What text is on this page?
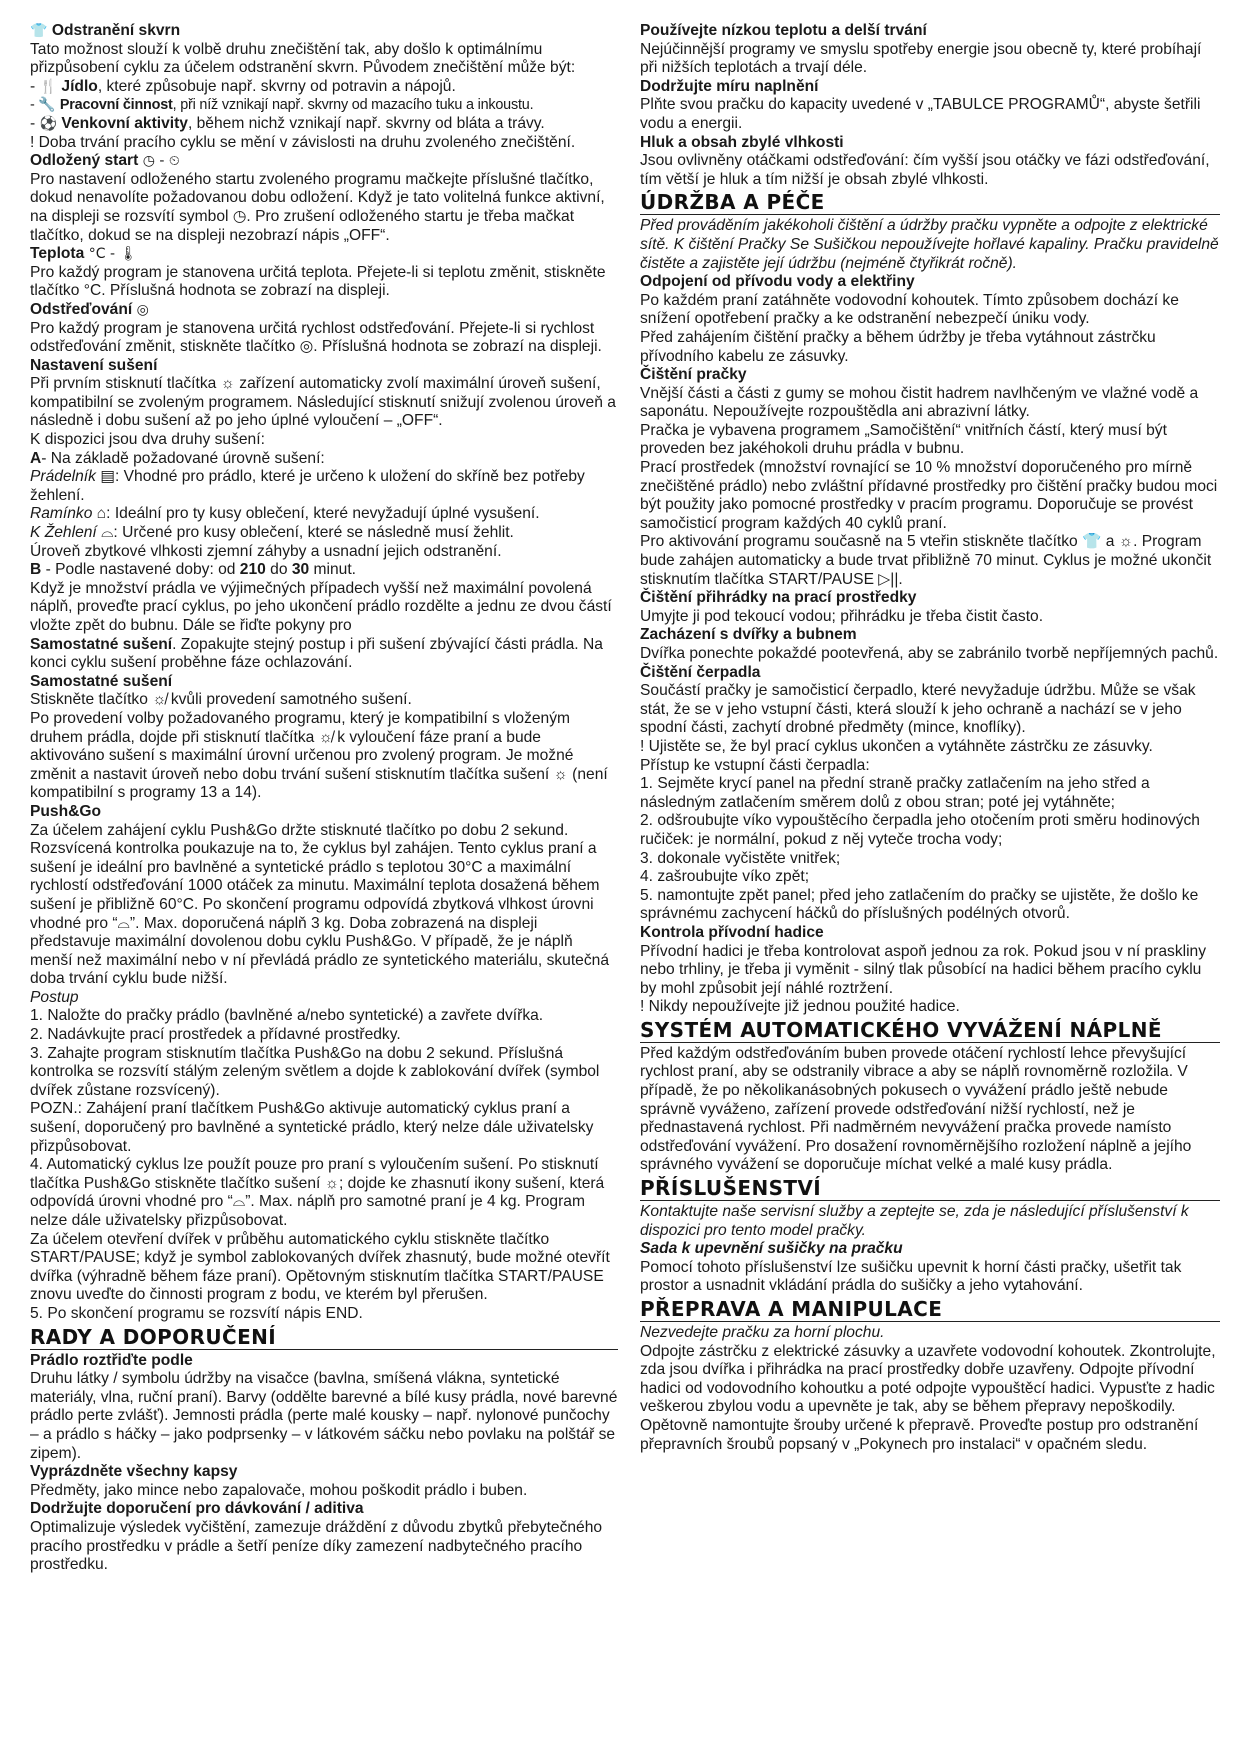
👕 Odstranění skvrn

Tato možnost slouží k volbě druhu znečištění tak, aby došlo k optimálnímu přizpůsobení cyklu za účelem odstranění skvrn. Původem znečištění může být:

- 🍴 Jídlo, které způsobuje např. skvrny od potravin a nápojů.

- 🔧 Pracovní činnost, při níž vznikají např. skvrny od mazacího tuku a inkoustu.

- ⚽ Venkovní aktivity, během nichž vznikají např. skvrny od bláta a trávy.

! Doba trvání pracího cyklu se mění v závislosti na druhu zvoleného znečištění.

Odložený start ◷ - ⏲

Pro nastavení odloženého startu zvoleného programu mačkejte příslušné tlačítko, dokud nenavolíte požadovanou dobu odložení. Když je tato volitelná funkce aktivní, na displeji se rozsvítí symbol ◷. Pro zrušení odloženého startu je třeba mačkat tlačítko, dokud se na displeji nezobrazí nápis „OFF“.

Teplota °C - 🌡

Pro každý program je stanovena určitá teplota. Přejete-li si teplotu změnit, stiskněte tlačítko °C. Příslušná hodnota se zobrazí na displeji.

Odstřeďování ◎

Pro každý program je stanovena určitá rychlost odstřeďování. Přejete-li si rychlost odstřeďování změnit, stiskněte tlačítko ◎. Příslušná hodnota se zobrazí na displeji.

Nastavení sušení

Při prvním stisknutí tlačítka ☼ zařízení automaticky zvolí maximální úroveň sušení, kompatibilní se zvoleným programem. Následující stisknutí snižují zvolenou úroveň a následně i dobu sušení až po jeho úplné vyloučení – „OFF“.

K dispozici jsou dva druhy sušení:

A- Na základě požadované úrovně sušení:

Prádelník ▤: Vhodné pro prádlo, které je určeno k uložení do skříně bez potřeby žehlení.

Ramínko ⌂: Ideální pro ty kusy oblečení, které nevyžadují úplné vysušení.

K Žehlení ⌓: Určené pro kusy oblečení, které se následně musí žehlit.

Úroveň zbytkové vlhkosti zjemní záhyby a usnadní jejich odstranění.

B - Podle nastavené doby: od 210 do 30 minut.

Když je množství prádla ve výjimečných případech vyšší než maximální povolená náplň, proveďte prací cyklus, po jeho ukončení prádlo rozdělte a jednu ze dvou částí vložte zpět do bubnu. Dále se řiďte pokyny pro

Samostatné sušení. Zopakujte stejný postup i při sušení zbývající části prádla. Na konci cyklu sušení proběhne fáze ochlazování.

Samostatné sušení

Stiskněte tlačítko ☼̸ kvůli provedení samotného sušení.

Po provedení volby požadovaného programu, který je kompatibilní s vloženým druhem prádla, dojde při stisknutí tlačítka ☼̸ k vyloučení fáze praní a bude aktivováno sušení s maximální úrovní určenou pro zvolený program. Je možné změnit a nastavit úroveň nebo dobu trvání sušení stisknutím tlačítka sušení ☼ (není kompatibilní s programy 13 a 14).

Push&Go

Za účelem zahájení cyklu Push&Go držte stisknuté tlačítko po dobu 2 sekund. Rozsvícená kontrolka poukazuje na to, že cyklus byl zahájen. Tento cyklus praní a sušení je ideální pro bavlněné a syntetické prádlo s teplotou 30°C a maximální rychlostí odstřeďování 1000 otáček za minutu. Maximální teplota dosažená během sušení je přibližně 60°C. Po skončení programu odpovídá zbytková vlhkost úrovni vhodné pro “⌓”. Max. doporučená náplň 3 kg. Doba zobrazená na displeji představuje maximální dovolenou dobu cyklu Push&Go. V případě, že je náplň menší než maximální nebo v ní převládá prádlo ze syntetického materiálu, skutečná doba trvání cyklu bude nižší.

Postup

1. Naložte do pračky prádlo (bavlněné a/nebo syntetické) a zavřete dvířka.

2. Nadávkujte prací prostředek a přídavné prostředky.

3. Zahajte program stisknutím tlačítka Push&Go na dobu 2 sekund. Příslušná kontrolka se rozsvítí stálým zeleným světlem a dojde k zablokování dvířek (symbol dvířek zůstane rozsvícený).

POZN.: Zahájení praní tlačítkem Push&Go aktivuje automatický cyklus praní a sušení, doporučený pro bavlněné a syntetické prádlo, který nelze dále uživatelsky přizpůsobovat.

4. Automatický cyklus lze použít pouze pro praní s vyloučením sušení. Po stisknutí tlačítka Push&Go stiskněte tlačítko sušení ☼; dojde ke zhasnutí ikony sušení, která odpovídá úrovni vhodné pro “⌓”. Max. náplň pro samotné praní je 4 kg. Program nelze dále uživatelsky přizpůsobovat.

Za účelem otevření dvířek v průběhu automatického cyklu stiskněte tlačítko START/PAUSE; když je symbol zablokovaných dvířek zhasnutý, bude možné otevřít dvířka (výhradně během fáze praní). Opětovným stisknutím tlačítka START/PAUSE znovu uveďte do činnosti program z bodu, ve kterém byl přerušen.

5. Po skončení programu se rozsvítí nápis END.

RADY A DOPORUČENÍ
Prádlo roztřiďte podle

Druhu látky / symbolu údržby na visačce (bavlna, smíšená vlákna, syntetické materiály, vlna, ruční praní). Barvy (oddělte barevné a bílé kusy prádla, nové barevné prádlo perte zvlášť). Jemnosti prádla (perte malé kousky – např. nylonové punčochy – a prádlo s háčky – jako podprsenky – v látkovém sáčku nebo povlaku na polštář se zipem).

Vyprázdněte všechny kapsy

Předměty, jako mince nebo zapalovače, mohou poškodit prádlo i buben.

Dodržujte doporučení pro dávkování / aditiva

Optimalizuje výsledek vyčištění, zamezuje dráždění z důvodu zbytků přebytečného pracího prostředku v prádle a šetří peníze díky zamezení nadbytečného pracího prostředku.

Používejte nízkou teplotu a delší trvání

Nejúčinnější programy ve smyslu spotřeby energie jsou obecně ty, které probíhají při nižších teplotách a trvají déle.

Dodržujte míru naplnění

Plňte svou pračku do kapacity uvedené v „TABULCE PROGRAMŮ“, abyste šetřili vodu a energii.

Hluk a obsah zbylé vlhkosti

Jsou ovlivněny otáčkami odstřeďování: čím vyšší jsou otáčky ve fázi odstřeďování, tím větší je hluk a tím nižší je obsah zbylé vlhkosti.

ÚDRŽBA A PÉČE

Před prováděním jakékoholi čištění a údržby pračku vypněte a odpojte z elektrické sítě. K čištění Pračky Se Sušičkou nepoužívejte hořlavé kapaliny. Pračku pravidelně čistěte a zajistěte její údržbu (nejméně čtyřikrát ročně).

Odpojení od přívodu vody a elektřiny

Po každém praní zatáhněte vodovodní kohoutek. Tímto způsobem dochází ke snížení opotřebení pračky a ke odstranění nebezpečí úniku vody.

Před zahájením čištění pračky a během údržby je třeba vytáhnout zástrčku přívodního kabelu ze zásuvky.

Čištění pračky

Vnější části a části z gumy se mohou čistit hadrem navlhčeným ve vlažné vodě a saponátu. Nepoužívejte rozpouštědla ani abrazivní látky.

Pračka je vybavena programem „Samočištění“ vnitřních částí, který musí být proveden bez jakéhokoli druhu prádla v bubnu.

Prací prostředek (množství rovnající se 10 % množství doporučeného pro mírně znečištěné prádlo) nebo zvláštní přídavné prostředky pro čištění pračky budou moci být použity jako pomocné prostředky v pracím programu. Doporučuje se provést samočisticí program každých 40 cyklů praní.

Pro aktivování programu současně na 5 vteřin stiskněte tlačítko 👕 a ☼. Program bude zahájen automaticky a bude trvat přibližně 70 minut. Cyklus je možné ukončit stisknutím tlačítka START/PAUSE ▷||.

Čištění přihrádky na prací prostředky

Umyjte ji pod tekoucí vodou; přihrádku je třeba čistit často.

Zacházení s dvířky a bubnem

Dvířka ponechte pokaždé pootevřená, aby se zabránilo tvorbě nepříjemných pachů.

Čištění čerpadla

Součástí pračky je samočisticí čerpadlo, které nevyžaduje údržbu. Může se však stát, že se v jeho vstupní části, která slouží k jeho ochraně a nachází se v jeho spodní části, zachytí drobné předměty (mince, knoflíky).

! Ujistěte se, že byl prací cyklus ukončen a vytáhněte zástrčku ze zásuvky.

Přístup ke vstupní části čerpadla:

1. Sejměte krycí panel na přední straně pračky zatlačením na jeho střed a následným zatlačením směrem dolů z obou stran; poté jej vytáhněte;

2. odšroubujte víko vypouštěcího čerpadla jeho otočením proti směru hodinových ručiček: je normální, pokud z něj vyteče trocha vody;

3. dokonale vyčistěte vnitřek;

4. zašroubujte víko zpět;

5. namontujte zpět panel; před jeho zatlačením do pračky se ujistěte, že došlo ke správnému zachycení háčků do příslušných podélných otvorů.

Kontrola přívodní hadice

Přívodní hadici je třeba kontrolovat aspoň jednou za rok. Pokud jsou v ní praskliny nebo trhliny, je třeba ji vyměnit - silný tlak působící na hadici během pracího cyklu by mohl způsobit její náhlé roztržení.

! Nikdy nepoužívejte již jednou použité hadice.

SYSTÉM AUTOMATICKÉHO VYVÁŽENÍ NÁPLNĚ

Před každým odstřeďováním buben provede otáčení rychlostí lehce převyšující rychlost praní, aby se odstranily vibrace a aby se náplň rovnoměrně rozložila. V případě, že po několikanásobných pokusech o vyvážení prádlo ještě nebude správně vyváženo, zařízení provede odstřeďování nižší rychlostí, než je přednastavená rychlost. Při nadměrném nevyvážení pračka provede namísto odstřeďování vyvážení. Pro dosažení rovnoměrnějšího rozložení náplně a jejího správného vyvážení se doporučuje míchat velké a malé kusy prádla.

PŘÍSLUŠENSTVÍ

Kontaktujte naše servisní služby a zeptejte se, zda je následující příslušenství k dispozici pro tento model pračky.

Sada k upevnění sušičky na pračku

Pomocí tohoto příslušenství lze sušičku upevnit k horní části pračky, ušetřit tak prostor a usnadnit vkládání prádla do sušičky a jeho vytahování.

PŘEPRAVA A MANIPULACE

Nezvedejte pračku za horní plochu.

Odpojte zástrčku z elektrické zásuvky a uzavřete vodovodní kohoutek. Zkontrolujte, zda jsou dvířka i přihrádka na prací prostředky dobře uzavřeny. Odpojte přívodní hadici od vodovodního kohoutku a poté odpojte vypouštěcí hadici. Vypusťte z hadic veškerou zbylou vodu a upevněte je tak, aby se během přepravy nepoškodily. Opětovně namontujte šrouby určené k přepravě. Proveďte postup pro odstranění přepravních šroubů popsaný v „Pokynech pro instalaci“ v opačném sledu.
